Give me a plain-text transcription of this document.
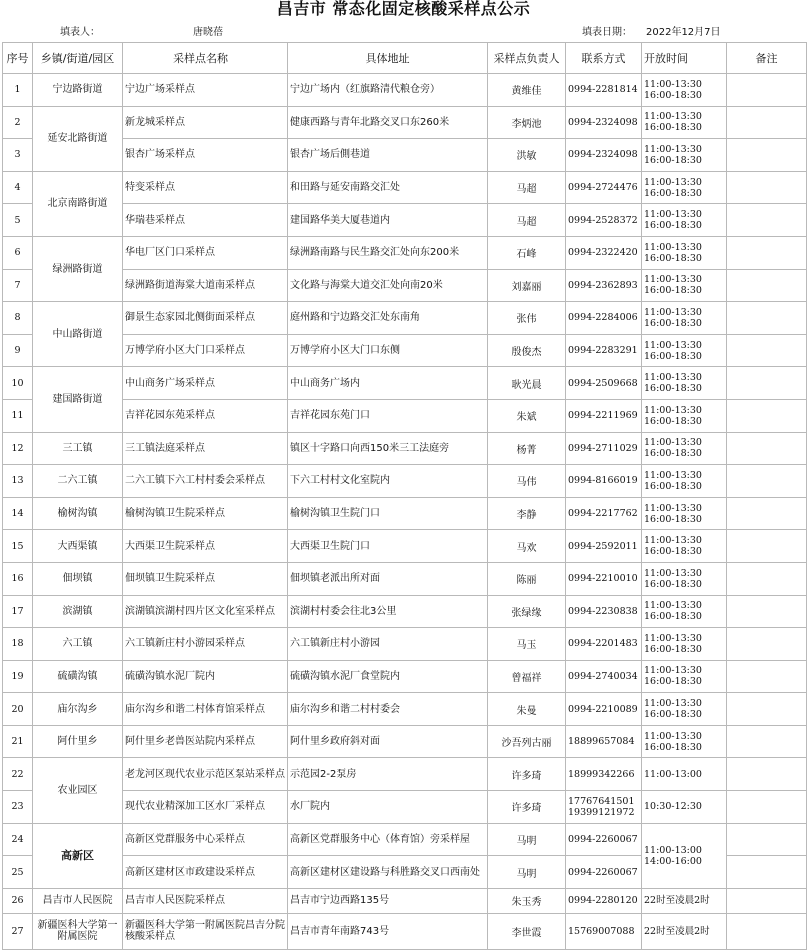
昌吉市 常态化固定核酸采样点公示
填表人：	唐晓蓓	填表日期： 2022年12月7日
序号	乡镇/街道/园区	采样点名称	具体地址	采样点负责人	联系方式	开放时间	备注
1	宁边路街道	宁边广场采样点	宁边广场内（红旗路清代粮仓旁）	黄维佳	0994-2281814	11:00-13:30
16:00-18:30	
2	延安北路街道	新龙城采样点	健康西路与青年北路交叉口东260米	李炳池	0994-2324098	11:00-13:30
16:00-18:30	
3		银杏广场采样点	银杏广场后側巷道	洪敏	0994-2324098	11:00-13:30
16:00-18:30	
4	北京南路街道	特变采样点	和田路与延安南路交汇处	马超	0994-2724476	11:00-13:30
16:00-18:30	
5		华瑞巷采样点	建国路华美大厦巷道内	马超	0994-2528372	11:00-13:30
16:00-18:30	
6	绿洲路街道	华电厂区门口采样点	绿洲路南路与民生路交汇处向东200米	石峰	0994-2322420	11:00-13:30
16:00-18:30	
7		绿洲路街道海棠大道南采样点	文化路与海棠大道交汇处向南20米	刘嘉丽	0994-2362893	11:00-13:30
16:00-18:30	
8	中山路街道	御景生态家园北侧街面采样点	庭州路和宁边路交汇处东南角	张伟	0994-2284006	11:00-13:30
16:00-18:30	
9		万博学府小区大门口采样点	万博学府小区大门口东侧	殷俊杰	0994-2283291	11:00-13:30
16:00-18:30	
10	建国路街道	中山商务广场采样点	中山商务广场内	耿光晨	0994-2509668	11:00-13:30
16:00-18:30	
11		吉祥花园东苑采样点	吉祥花园东苑门口	朱斌	0994-2211969	11:00-13:30
16:00-18:30	
12	三工镇	三工镇法庭采样点	镇区十字路口向西150米三工法庭旁	杨菁	0994-2711029	11:00-13:30
16:00-18:30	
13	二六工镇	二六工镇下六工村村委会采样点	下六工村村文化室院内	马伟	0994-8166019	11:00-13:30
16:00-18:30	
14	榆树沟镇	榆树沟镇卫生院采样点	榆树沟镇卫生院门口	李静	0994-2217762	11:00-13:30
16:00-18:30	
15	大西渠镇	大西渠卫生院采样点	大西渠卫生院门口	马欢	0994-2592011	11:00-13:30
16:00-18:30	
16	佃坝镇	佃坝镇卫生院采样点	佃坝镇老派出所对面	陈丽	0994-2210010	11:00-13:30
16:00-18:30	
17	滨湖镇	滨湖镇滨湖村四片区文化室采样点	滨湖村村委会往北3公里	张绿缘	0994-2230838	11:00-13:30
16:00-18:30	
18	六工镇	六工镇新庄村小游园采样点	六工镇新庄村小游园	马玉	0994-2201483	11:00-13:30
16:00-18:30	
19	硫磺沟镇	硫磺沟镇水泥厂院内	硫磺沟镇水泥厂食堂院内	曾福祥	0994-2740034	11:00-13:30
16:00-18:30	
20	庙尔沟乡	庙尔沟乡和谐二村体育馆采样点	庙尔沟乡和谐二村村委会	朱曼	0994-2210089	11:00-13:30
16:00-18:30	
21	阿什里乡	阿什里乡老兽医站院内采样点	阿什里乡政府斜对面	沙吾列古丽	18899657084	11:00-13:30
16:00-18:30	
22	农业园区	老龙河区现代农业示范区泵站采样点	示范园2-2泵房	许多琦	18999342266	11:00-13:00	
23		现代农业精深加工区水厂采样点	水厂院内	许多琦	17767641501
19399121972	10:30-12:30	
24	高新区	高新区党群服务中心采样点	高新区党群服务中心（体育馆）旁采样屋	马明	0994-2260067	11:00-13:00
14:00-16:00	
25		高新区建材区市政建设采样点	高新区建材区建设路与科胜路交叉口西南处	马明	0994-2260067		
26	昌吉市人民医院	昌吉市人民医院采样点	昌吉市宁边西路135号	朱玉秀	0994-2280120	22时至凌晨2时	
27	新疆医科大学第一附属医院	新疆医科大学第一附属医院昌吉分院核酸采样点	昌吉市青年南路743号	李世霞	15769007088	22时至凌晨2时	
